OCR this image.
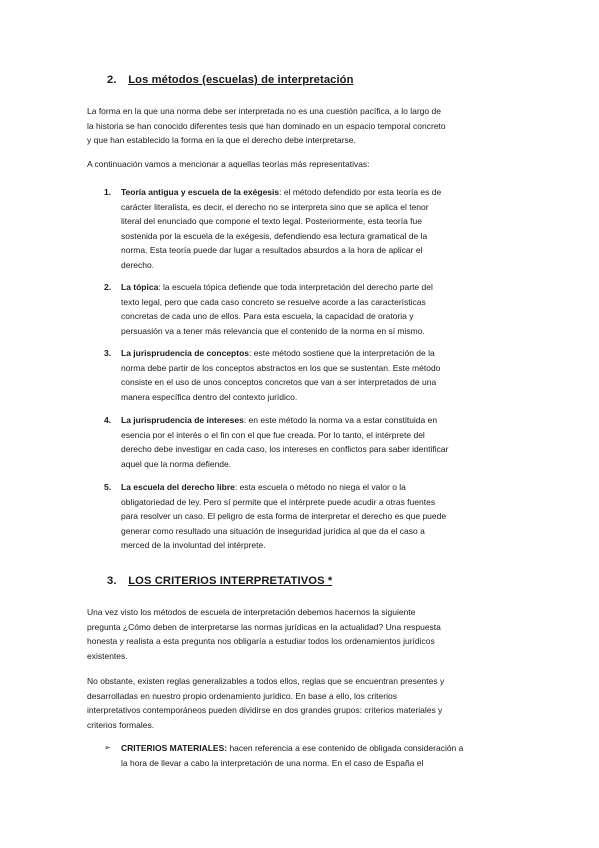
2. Los métodos (escuelas) de interpretación
La forma en la que una norma debe ser interpretada no es una cuestión pacífica, a lo largo de
la historia se han conocido diferentes tesis que han dominado en un espacio temporal concreto
y que han establecido la forma en la que el derecho debe interpretarse.
A continuación vamos a mencionar a aquellas teorías más representativas:
1. Teoría antigua y escuela de la exégesis: el método defendido por esta teoría es de
carácter literalista, es decir, el derecho no se interpreta sino que se aplica el tenor
literal del enunciado que compone el texto legal. Posteriormente, esta teoría fue
sostenida por la escuela de la exégesis, defendiendo esa lectura gramatical de la
norma. Esta teoría puede dar lugar a resultados absurdos a la hora de aplicar el
derecho.
2. La tópica: la escuela tópica defiende que toda interpretación del derecho parte del
texto legal, pero que cada caso concreto se resuelve acorde a las características
concretas de cada uno de ellos. Para esta escuela, la capacidad de oratoria y
persuasión va a tener más relevancia que el contenido de la norma en sí mismo.
3. La jurisprudencia de conceptos: este método sostiene que la interpretación de la
norma debe partir de los conceptos abstractos en los que se sustentan. Este método
consiste en el uso de unos conceptos concretos que van a ser interpretados de una
manera específica dentro del contexto jurídico.
4. La jurisprudencia de intereses: en este método la norma va a estar constituida en
esencia por el interés o el fin con el que fue creada. Por lo tanto, el intérprete del
derecho debe investigar en cada caso, los intereses en conflictos para saber identificar
aquel que la norma defiende.
5. La escuela del derecho libre: esta escuela o método no niega el valor o la
obligatoriedad de ley. Pero sí permite que el intérprete puede acudir a otras fuentes
para resolver un caso. El peligro de esta forma de interpretar el derecho es que puede
generar como resultado una situación de inseguridad jurídica al que da el caso a
merced de la involuntad del intérprete.
3. LOS CRITERIOS INTERPRETATIVOS *
Una vez visto los métodos de escuela de interpretación debemos hacernos la siguiente
pregunta ¿Cómo deben de interpretarse las normas jurídicas en la actualidad? Una respuesta
honesta y realista a esta pregunta nos obligaría a estudiar todos los ordenamientos jurídicos
existentes.
No obstante, existen reglas generalizables a todos ellos, reglas que se encuentran presentes y
desarrolladas en nuestro propio ordenamiento jurídico. En base a ello, los criterios
interpretativos contemporáneos pueden dividirse en dos grandes grupos: criterios materiales y
criterios formales.
➢ CRITERIOS MATERIALES: hacen referencia a ese contenido de obligada consideración a
la hora de llevar a cabo la interpretación de una norma. En el caso de España el
